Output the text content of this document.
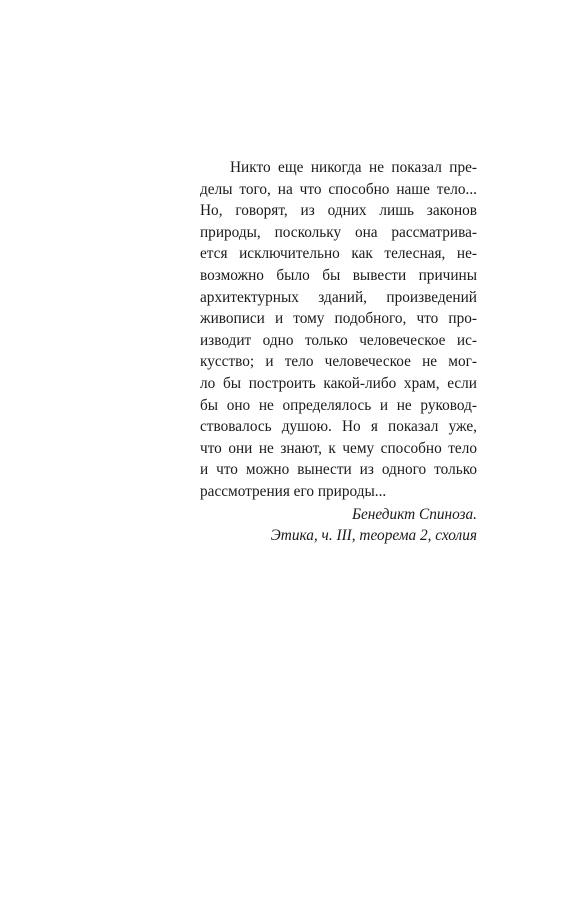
Никто еще никогда не показал пре-
делы того, на что способно наше тело...
Но, говорят, из одних лишь законов
природы, поскольку она рассматрива-
ется исключительно как телесная, не-
возможно было бы вывести причины
архитектурных зданий, произведений
живописи и тому подобного, что про-
изводит одно только человеческое ис-
кусство; и тело человеческое не мог-
ло бы построить какой-либо храм, если
бы оно не определялось и не руковод-
ствовалось душою. Но я показал уже,
что они не знают, к чему способно тело
и что можно вынести из одного только
рассмотрения его природы...

Бенедикт Спиноза.
Этика, ч. III, теорема 2, схолия
